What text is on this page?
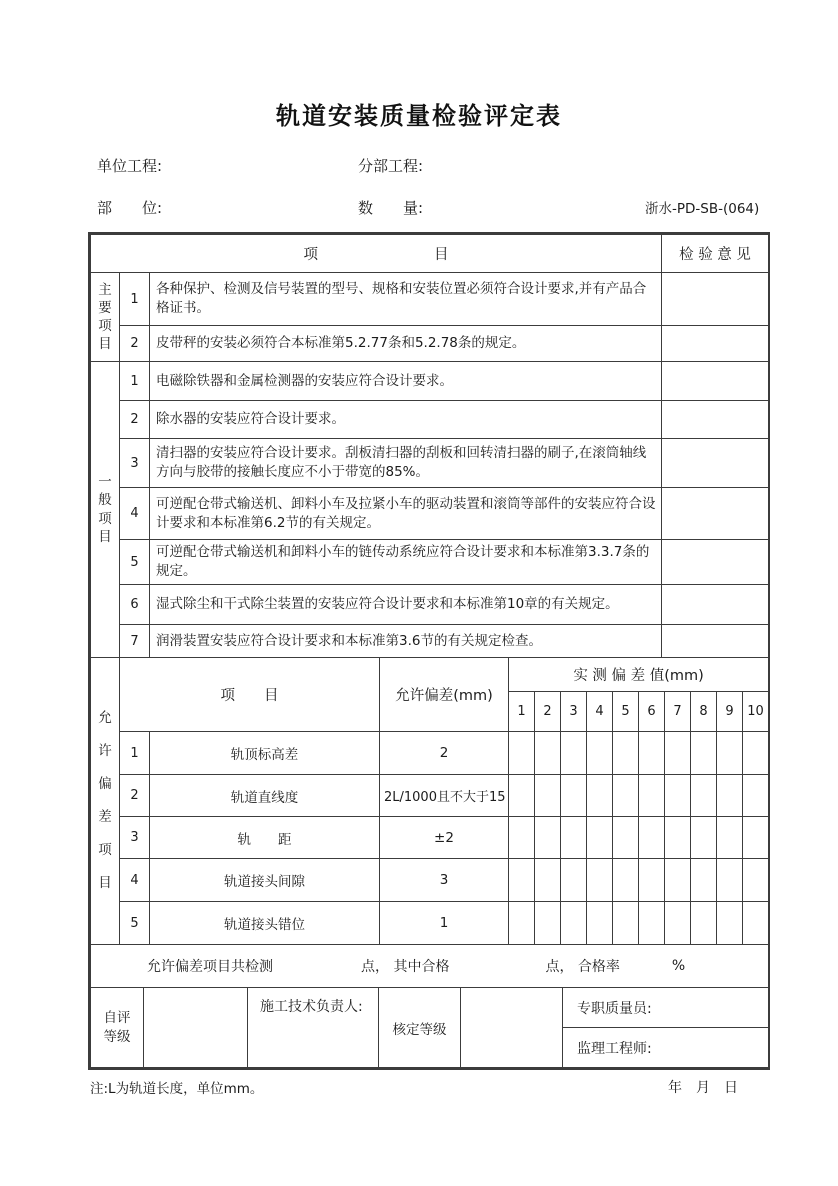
轨道安装质量检验评定表
单位工程:	分部工程:
部　　位:	数　　量:	浙水-PD-SB-(064)
项　　　　　　　　目			检 验 意 见

主要项目	1	各种保护、检测及信号装置的型号、规格和安装位置必须符合设计要求,并有产品合格证书。	
	2	皮带秤的安装必须符合本标准第5.2.77条和5.2.78条的规定。	

一般项目	1	电磁除铁器和金属检测器的安装应符合设计要求。	
	2	除水器的安装应符合设计要求。	
	3	清扫器的安装应符合设计要求。刮板清扫器的刮板和回转清扫器的刷子,在滚筒轴线方向与胶带的接触长度应不小于带宽的85%。	
	4	可逆配仓带式输送机、卸料小车及拉紧小车的驱动装置和滚筒等部件的安装应符合设计要求和本标准第6.2节的有关规定。	
	5	可逆配仓带式输送机和卸料小车的链传动系统应符合设计要求和本标准第3.3.7条的规定。	
	6	湿式除尘和干式除尘装置的安装应符合设计要求和本标准第10章的有关规定。	
	7	润滑装置安装应符合设计要求和本标准第3.6节的有关规定检查。	
允许偏差项目	项　　目		允许偏差(mm)	实 测 偏 差 值(mm)									
				1	2	3	4	5	6	7	8	9	10
	1	轨顶标高差	2										
	2	轨道直线度	2L/1000且不大于15										
	3	轨　　距	±2										
	4	轨道接头间隙	3										
	5	轨道接头错位	1										

允许偏差项目共检测 点， 其中合格 点， 合格率 %													
自评等级
		施工技术负责人:	核定等级		专职质量员:
监理工程师:
注:L为轨道长度，单位mm。	年　月　日
